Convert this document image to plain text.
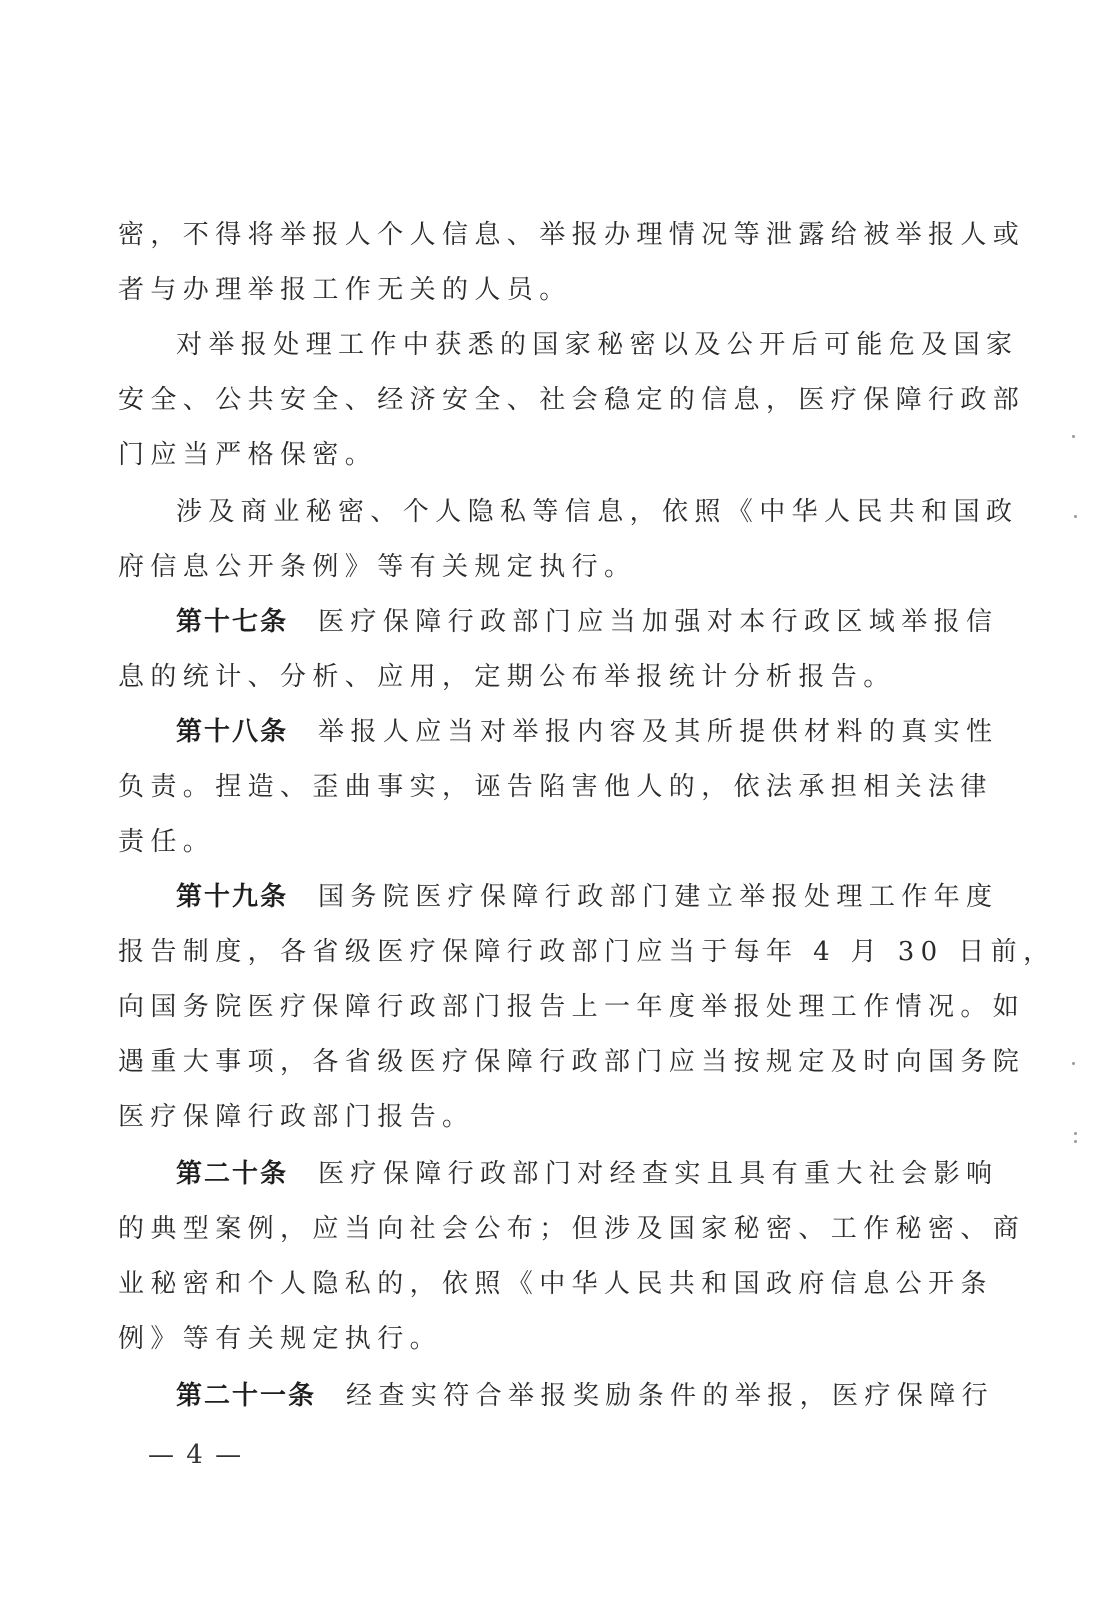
密，不得将举报人个人信息、举报办理情况等泄露给被举报人或
者与办理举报工作无关的人员。
对举报处理工作中获悉的国家秘密以及公开后可能危及国家
安全、公共安全、经济安全、社会稳定的信息，医疗保障行政部
门应当严格保密。
涉及商业秘密、个人隐私等信息，依照《中华人民共和国政
府信息公开条例》等有关规定执行。
第十七条 医疗保障行政部门应当加强对本行政区域举报信
息的统计、分析、应用，定期公布举报统计分析报告。
第十八条 举报人应当对举报内容及其所提供材料的真实性
负责。捏造、歪曲事实，诬告陷害他人的，依法承担相关法律
责任。
第十九条 国务院医疗保障行政部门建立举报处理工作年度
报告制度，各省级医疗保障行政部门应当于每年 4 月 30 日前，
向国务院医疗保障行政部门报告上一年度举报处理工作情况。如
遇重大事项，各省级医疗保障行政部门应当按规定及时向国务院
医疗保障行政部门报告。
第二十条 医疗保障行政部门对经查实且具有重大社会影响
的典型案例，应当向社会公布；但涉及国家秘密、工作秘密、商
业秘密和个人隐私的，依照《中华人民共和国政府信息公开条
例》等有关规定执行。
第二十一条 经查实符合举报奖励条件的举报，医疗保障行
— 4 —
